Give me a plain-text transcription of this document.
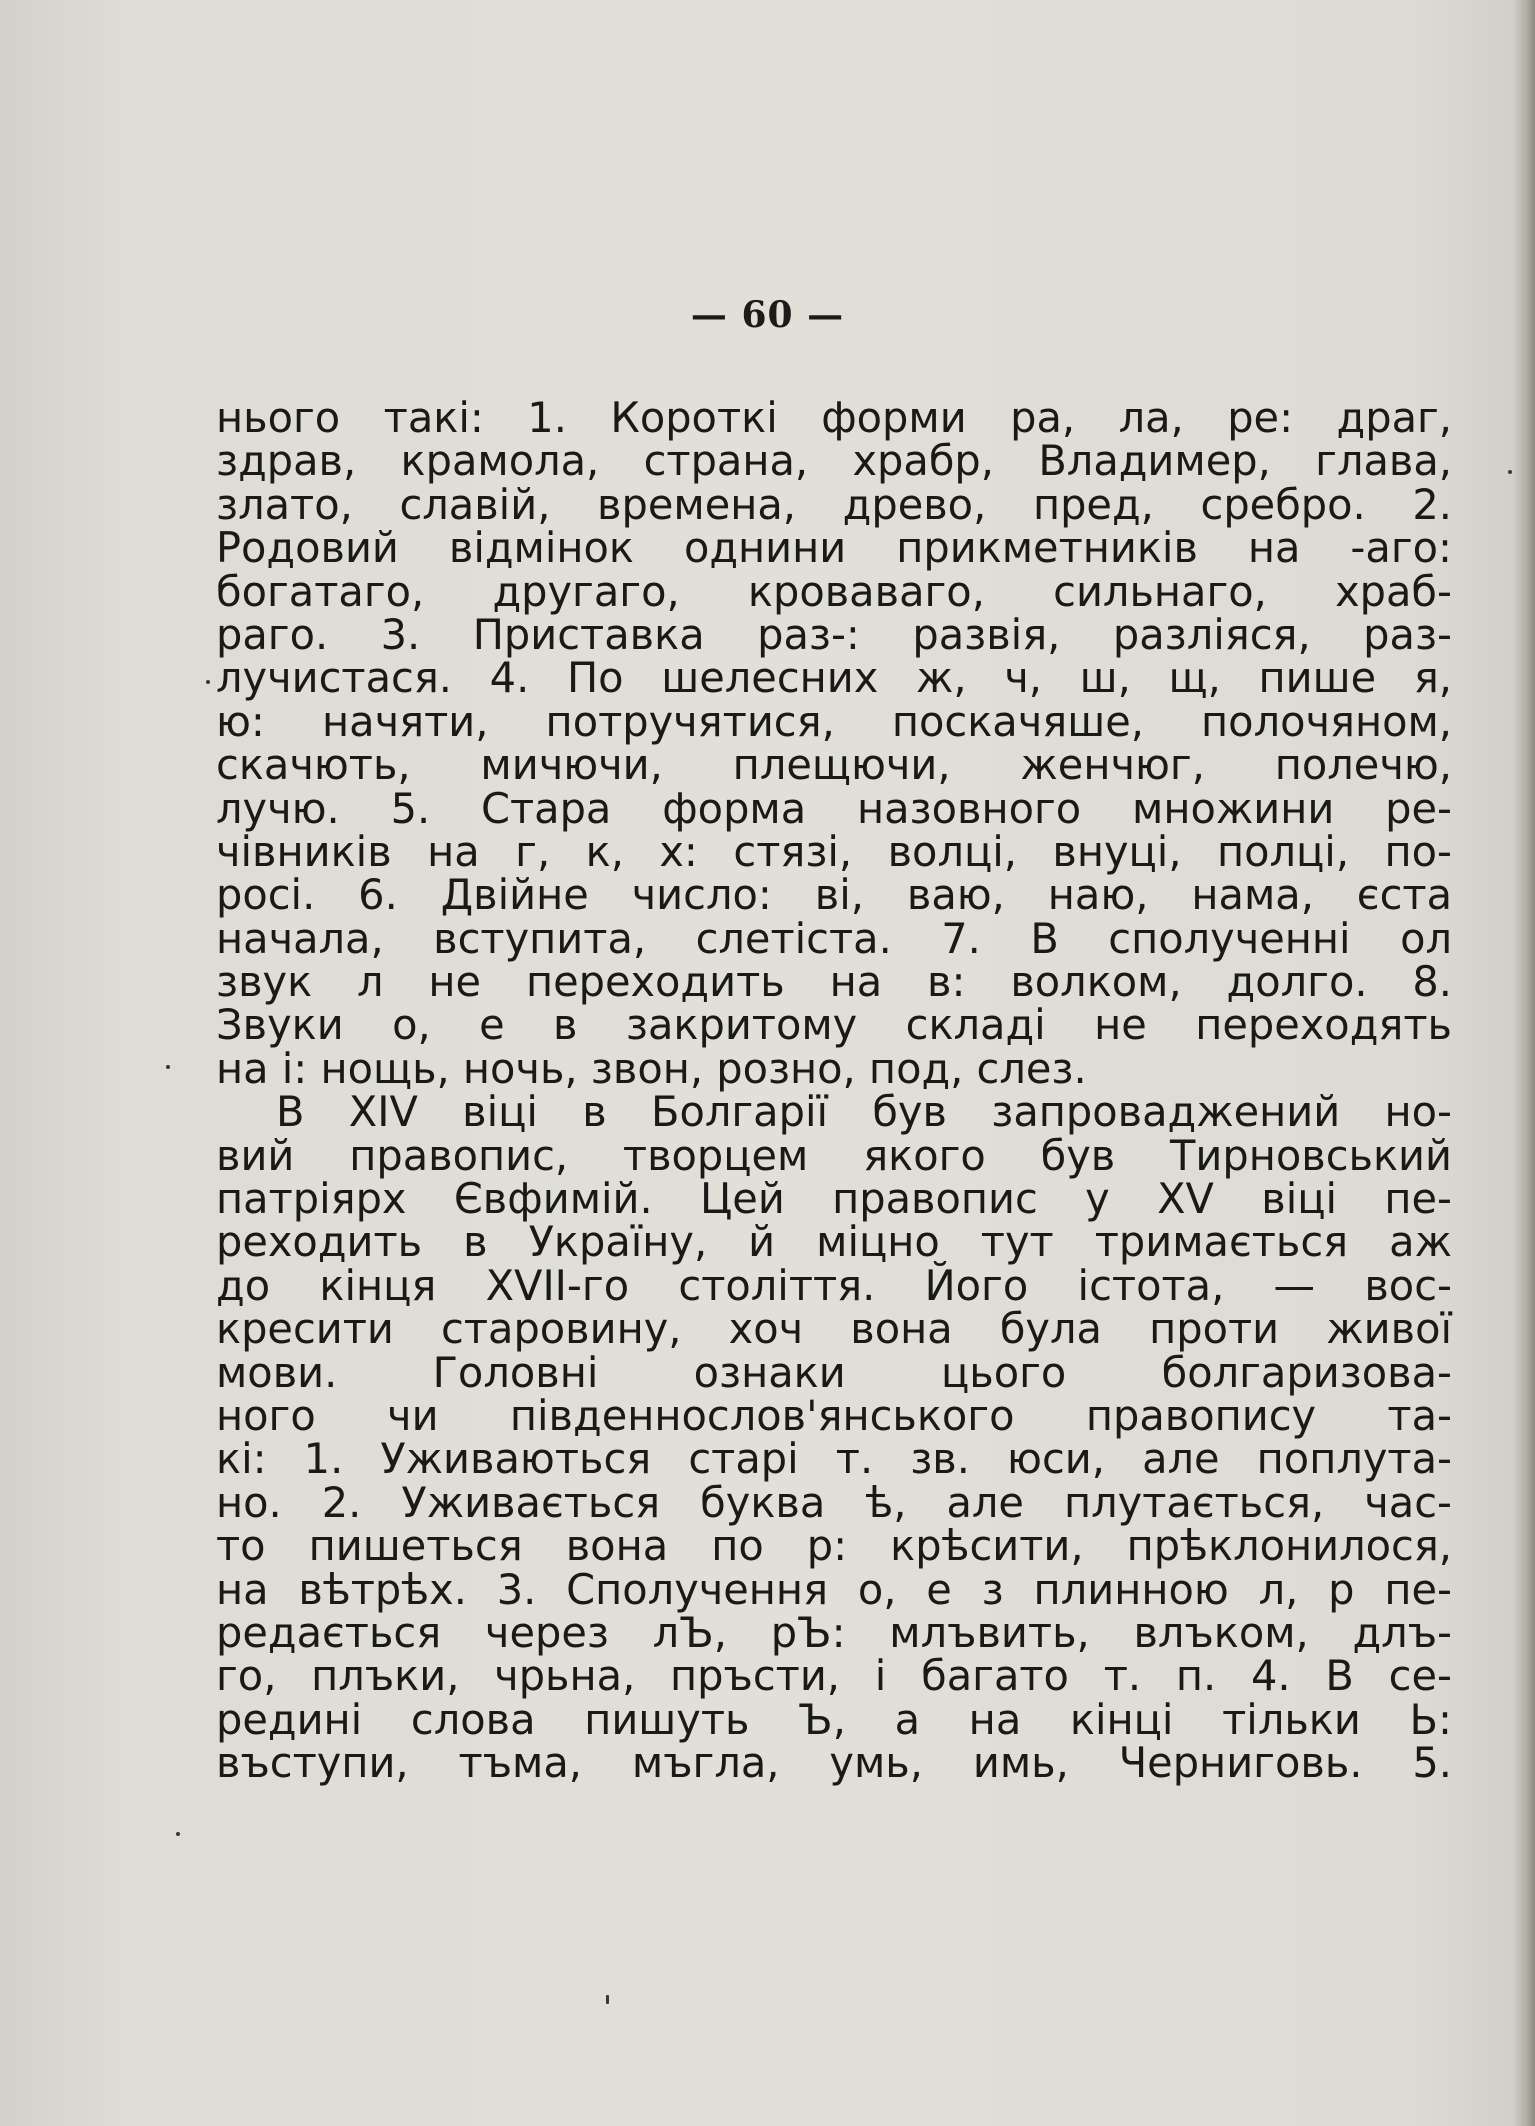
— 60 —
нього такі: 1. Короткі форми ра, ла, ре: драг,
здрав, крамола, страна, храбр, Владимер, глава,
злато, славій, времена, древо, пред, сребро. 2.
Родовий відмінок однини прикметників на -аго:
богатаго, другаго, кроваваго, сильнаго, храб-
раго. 3. Приставка раз-: развія, разліяся, раз-
лучистася. 4. По шелесних ж, ч, ш, щ, пише я,
ю: начяти, потручятися, поскачяше, полочяном,
скачють, мичючи, плещючи, женчюг, полечю,
лучю. 5. Стара форма назовного множини ре-
чівників на г, к, х: стязі, волці, внуці, полці, по-
росі. 6. Двійне число: ві, ваю, наю, нама, єста
начала, вступита, слетіста. 7. В сполученні ол
звук л не переходить на в: волком, долго. 8.
Звуки о, е в закритому складі не переходять
на і: нощь, ночь, звон, розно, под, слез.
В XIV віці в Болгарії був запроваджений но-
вий правопис, творцем якого був Тирновський
патріярх Євфимій. Цей правопис у XV віці пе-
реходить в Україну, й міцно тут тримається аж
до кінця XVII-го століття. Його істота, — вос-
кресити старовину, хоч вона була проти живої
мови. Головні ознаки цього болгаризова-
ного чи південнослов'янського правопису та-
кі: 1. Уживаються старі т. зв. юси, але поплута-
но. 2. Уживається буква ѣ, але плутається, час-
то пишеться вона по р: крѣсити, прѣклонилося,
на вѣтрѣх. 3. Сполучення о, е з плинною л, р пе-
редається через лЪ, рЪ: млъвить, влъком, длъ-
го, плъки, чрьна, пръсти, і багато т. п. 4. В се-
редині слова пишуть Ъ, а на кінці тільки Ь:
въступи, тъма, мъгла, умь, имь, Черниговь. 5.
